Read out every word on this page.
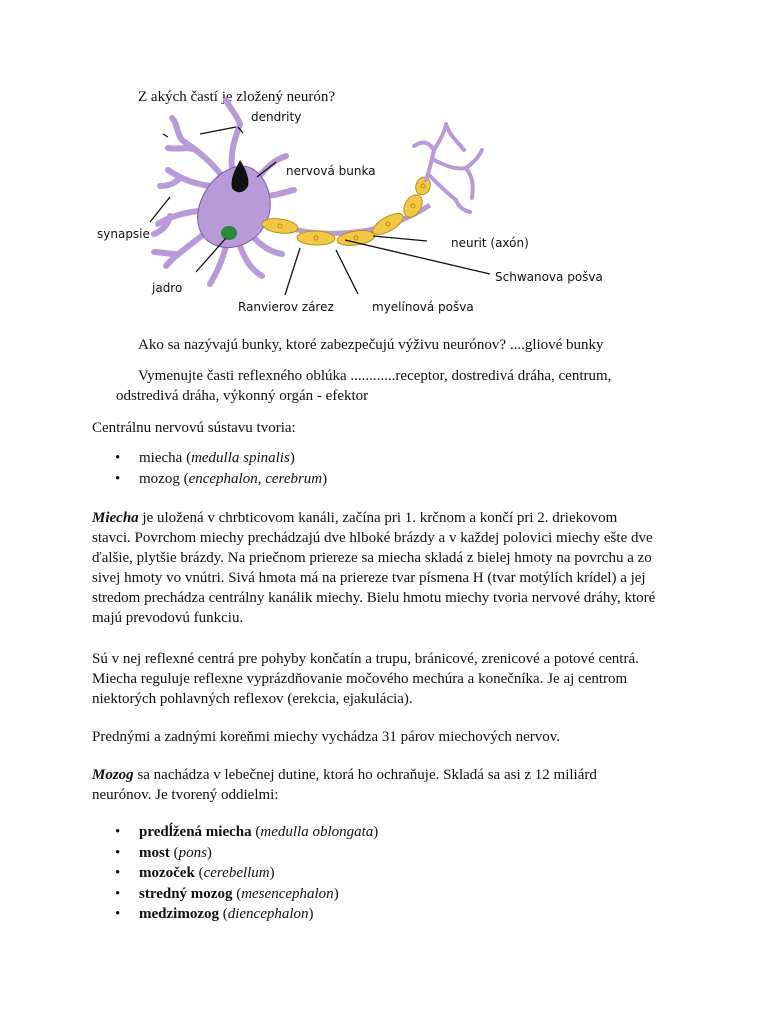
Z akých častí je zložený neurón?

dendrity
nervová bunka
synapsie
neurit (axón)
Schwanova pošva
jadro
Ranvierov zárez	myelínová pošva

Ako sa nazývajú bunky, ktoré zabezpečujú výživu neurónov? ....gliové bunky

Vymenujte časti reflexného oblúka ............receptor, dostredivá dráha, centrum,

odstredivá dráha, výkonný orgán - efektor

Centrálnu nervovú sústavu tvoria:

• miecha (medulla spinalis)
• mozog (encephalon, cerebrum)
Miecha je uložená v chrbticovom kanáli, začína pri 1. krčnom a končí pri 2. driekovom
stavci. Povrchom miechy prechádzajú dve hlboké brázdy a v každej polovici miechy ešte dve
ďalšie, plytšie brázdy. Na priečnom priereze sa miecha skladá z bielej hmoty na povrchu a zo
sivej hmoty vo vnútri. Sivá hmota má na priereze tvar písmena H (tvar motýlích krídel) a jej
stredom prechádza centrálny kanálik miechy. Bielu hmotu miechy tvoria nervové dráhy, ktoré
majú prevodovú funkciu.
Sú v nej reflexné centrá pre pohyby končatín a trupu, bránicové, zrenicové a potové centrá.
Miecha reguluje reflexne vyprázdňovanie močového mechúra a konečníka. Je aj centrom
niektorých pohlavných reflexov (erekcia, ejakulácia).

Prednými a zadnými koreňmi miechy vychádza 31 párov miechových nervov.

Mozog sa nachádza v lebečnej dutine, ktorá ho ochraňuje. Skladá sa asi z 12 miliárd
neurónov. Je tvorený oddielmi:
• predĺžená miecha (medulla oblongata)
• most (pons)
• mozoček (cerebellum)
• stredný mozog (mesencephalon)
• medzimozog (diencephalon)
